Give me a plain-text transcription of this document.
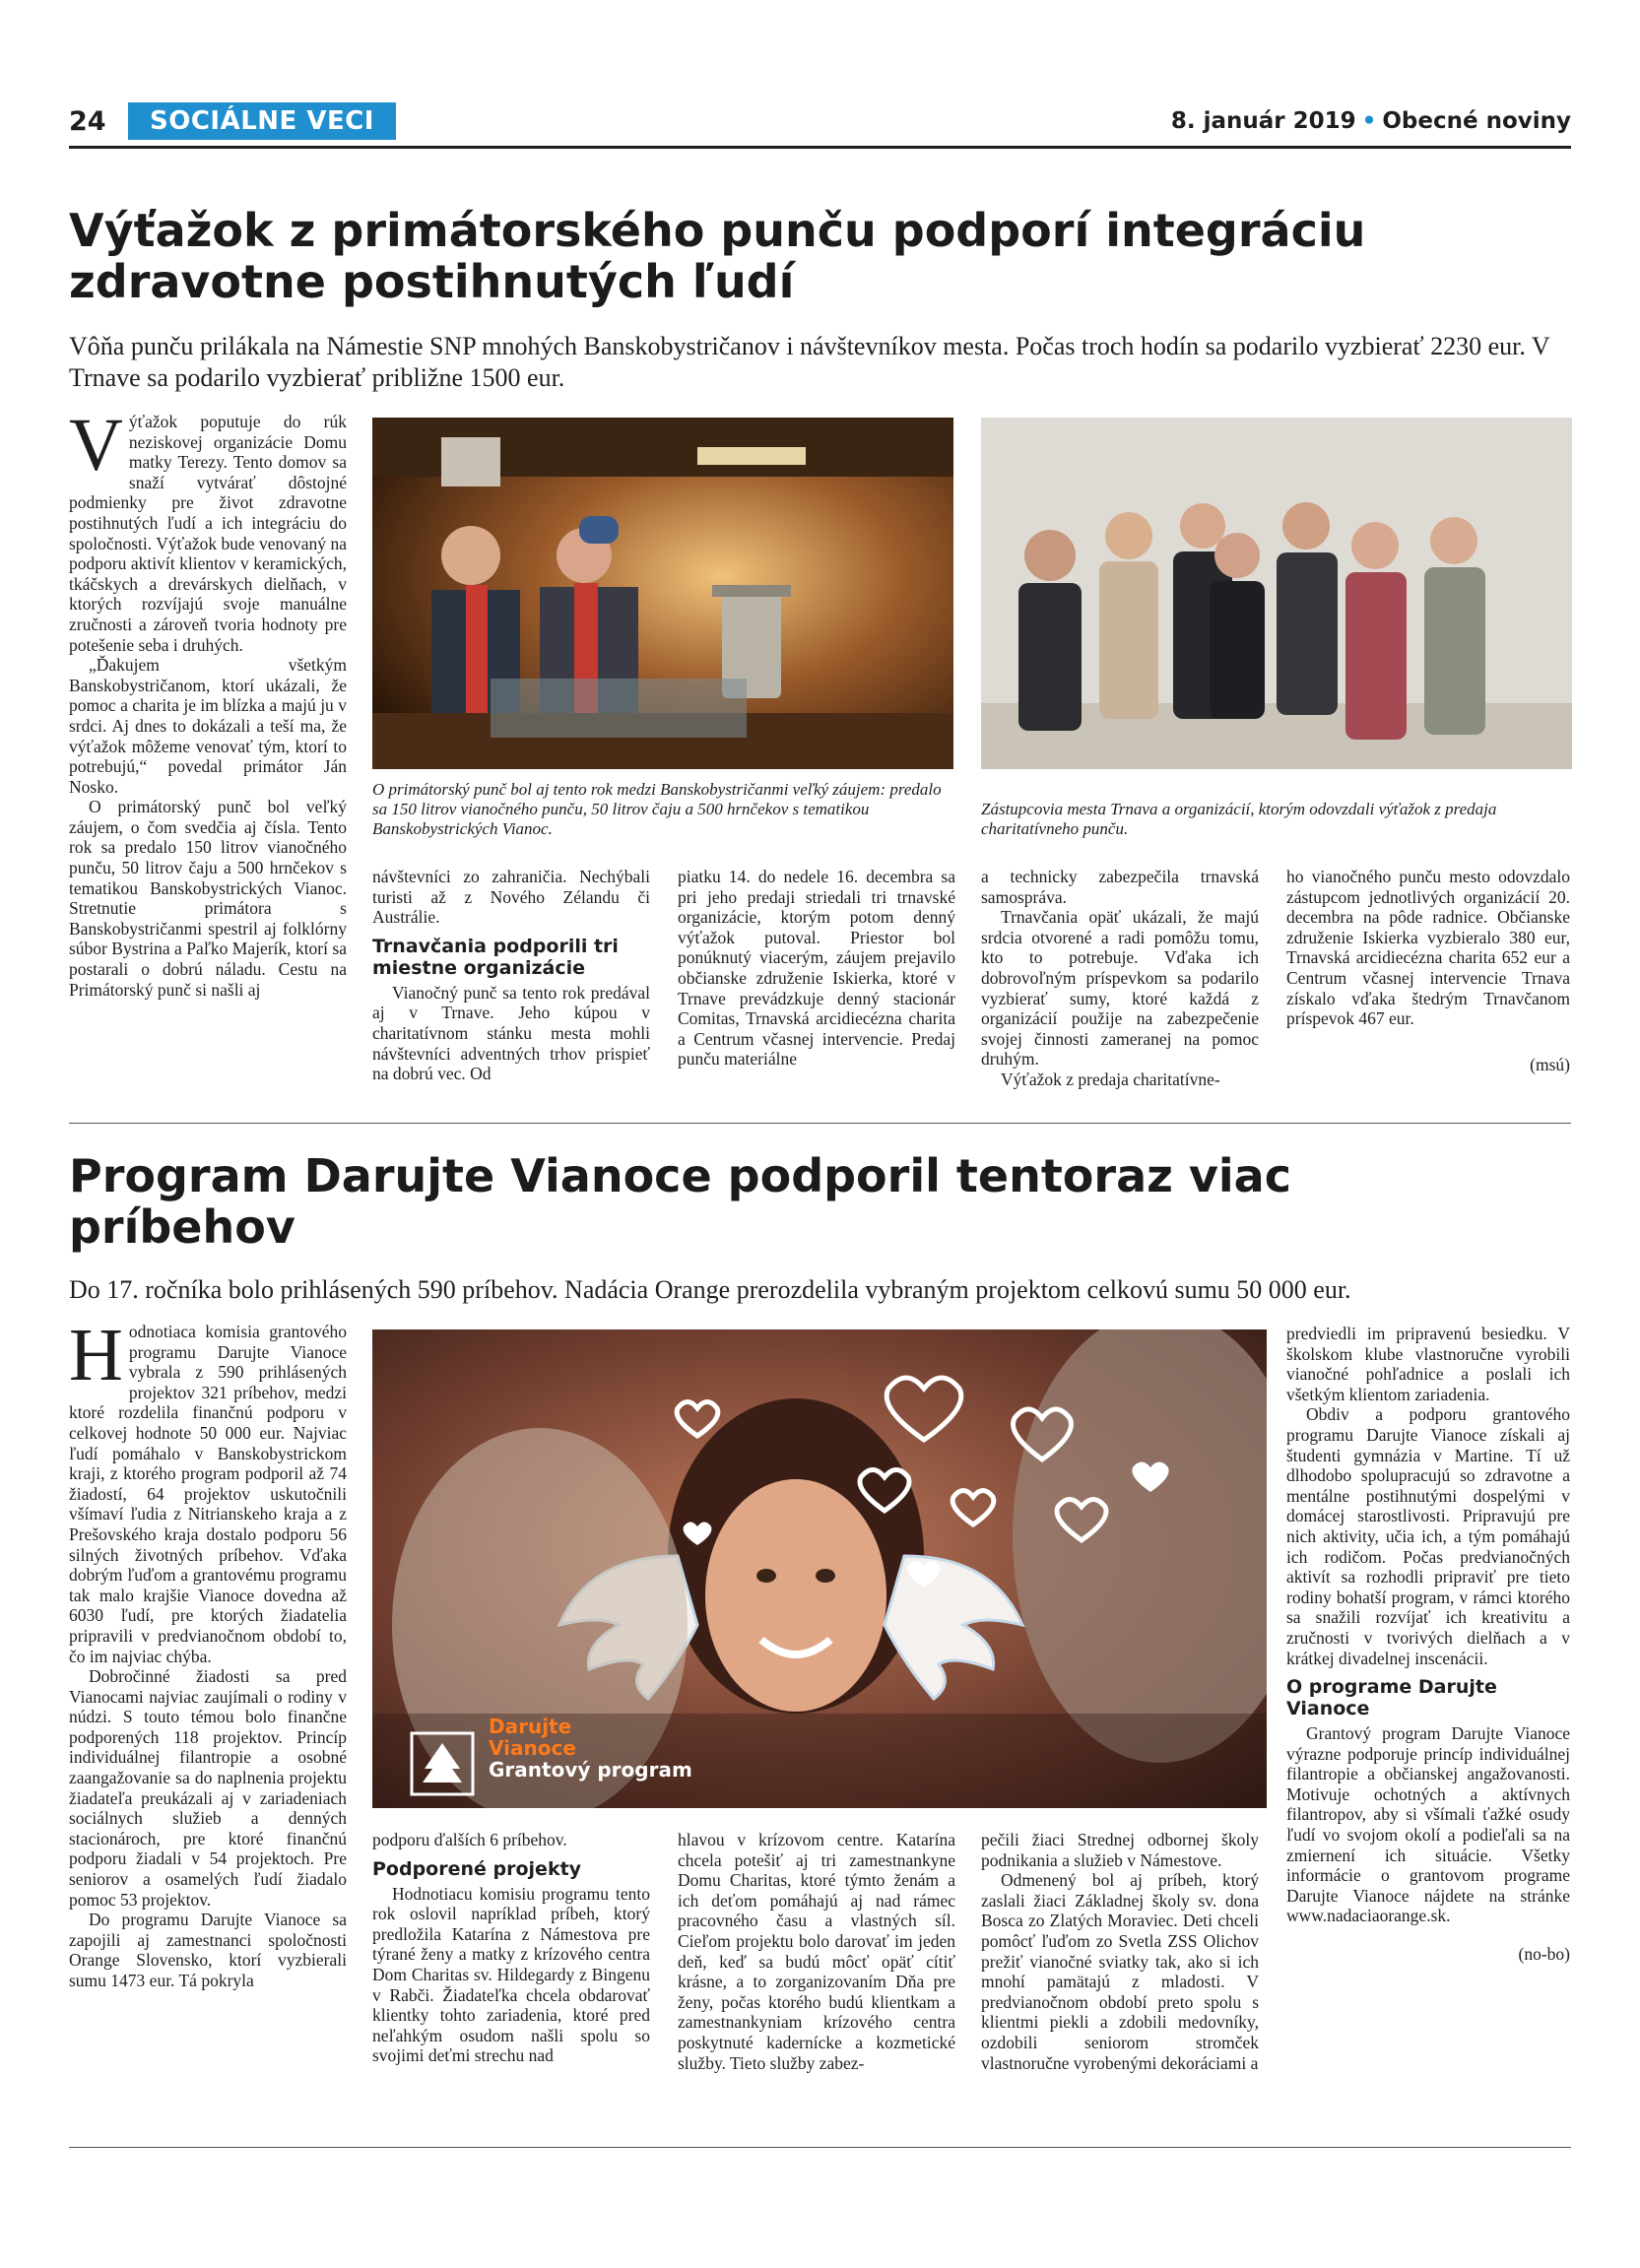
24	SOCIÁLNE VECI	8. január 2019 • Obecné noviny
Výťažok z primátorského punču podporí integráciu
zdravotne postihnutých ľudí

Vôňa punču prilákala na Námestie SNP mnohých Banskobystričanov i návštevníkov mesta. Počas troch hodín sa podarilo vyzbierať 2230 eur. V Trnave sa podarilo vyzbierať približne 1500 eur.

Výťažok poputuje do rúk neziskovej organizácie Domu matky Terezy. Tento domov sa snaží vytvárať dôstojné podmienky pre život zdravotne postihnutých ľudí a ich integráciu do spoločnosti. Výťažok bude venovaný na podporu aktivít klientov v keramických, tkáčskych a drevárskych dielňach, v ktorých rozvíjajú svoje manuálne zručnosti a zároveň tvoria hodnoty pre potešenie seba i druhých.

„Ďakujem všetkým Banskobystričanom, ktorí ukázali, že pomoc a charita je im blízka a majú ju v srdci. Aj dnes to dokázali a teší ma, že výťažok môžeme venovať tým, ktorí to potrebujú,“ povedal primátor Ján Nosko.

O primátorský punč bol veľký záujem, o čom svedčia aj čísla. Tento rok sa predalo 150 litrov vianočného punču, 50 litrov čaju a 500 hrnčekov s tematikou Banskobystrických Vianoc. Stretnutie primátora s Banskobystričanmi spestril aj folklórny súbor Bystrina a Paľko Majerík, ktorí sa postarali o dobrú náladu. Cestu na Primátorský punč si našli aj

O primátorský punč bol aj tento rok medzi Banskobystričanmi veľký záujem: predalo sa 150 litrov vianočného punču, 50 litrov čaju a 500 hrnčekov s tematikou Banskobystrických Vianoc.

Zástupcovia mesta Trnava a organizácií, ktorým odovzdali výťažok z predaja charitatívneho punču.

návštevníci zo zahraničia. Nechýbali turisti až z Nového Zélandu či Austrálie.

Trnavčania podporili tri miestne organizácie

Vianočný punč sa tento rok predával aj v Trnave. Jeho kúpou v charitatívnom stánku mesta mohli návštevníci adventných trhov prispieť na dobrú vec. Od

piatku 14. do nedele 16. decembra sa pri jeho predaji striedali tri trnavské organizácie, ktorým potom denný výťažok putoval. Priestor bol ponúknutý viacerým, záujem prejavilo občianske združenie Iskierka, ktoré v Trnave prevádzkuje denný stacionár Comitas, Trnavská arcidiecézna charita a Centrum včasnej intervencie. Predaj punču materiálne

a technicky zabezpečila trnavská samospráva.

Trnavčania opäť ukázali, že majú srdcia otvorené a radi pomôžu tomu, kto to potrebuje. Vďaka ich dobrovoľným príspevkom sa podarilo vyzbierať sumy, ktoré každá z organizácií použije na zabezpečenie svojej činnosti zameranej na pomoc druhým.

Výťažok z predaja charitatívne-

ho vianočného punču mesto odovzdalo zástupcom jednotlivých organizácií 20. decembra na pôde radnice. Občianske združenie Iskierka vyzbieralo 380 eur, Trnavská arcidiecézna charita 652 eur a Centrum včasnej intervencie Trnava získalo vďaka štedrým Trnavčanom príspevok 467 eur.

(msú)

Program Darujte Vianoce podporil tentoraz viac
príbehov

Do 17. ročníka bolo prihlásených 590 príbehov. Nadácia Orange prerozdelila vybraným projektom celkovú sumu 50 000 eur.

Hodnotiaca komisia grantového programu Darujte Vianoce vybrala z 590 prihlásených projektov 321 príbehov, medzi ktoré rozdelila finančnú podporu v celkovej hodnote 50 000 eur. Najviac ľudí pomáhalo v Banskobystrickom kraji, z ktorého program podporil až 74 žiadostí, 64 projektov uskutočnili všímaví ľudia z Nitrianskeho kraja a z Prešovského kraja dostalo podporu 56 silných životných príbehov. Vďaka dobrým ľuďom a grantovému programu tak malo krajšie Vianoce dovedna až 6030 ľudí, pre ktorých žiadatelia pripravili v predvianočnom období to, čo im najviac chýba.

Dobročinné žiadosti sa pred Vianocami najviac zaujímali o rodiny v núdzi. S touto témou bolo finančne podporených 118 projektov. Princíp individuálnej filantropie a osobné zaangažovanie sa do naplnenia projektu žiadateľa preukázali aj v zariadeniach sociálnych služieb a denných stacionároch, pre ktoré finančnú podporu žiadali v 54 projektoch. Pre seniorov a osamelých ľudí žiadalo pomoc 53 projektov.

Do programu Darujte Vianoce sa zapojili aj zamestnanci spoločnosti Orange Slovensko, ktorí vyzbierali sumu 1473 eur. Tá pokryla

Darujte
Vianoce
Grantový program

podporu ďalších 6 príbehov.

Podporené projekty

Hodnotiacu komisiu programu tento rok oslovil napríklad príbeh, ktorý predložila Katarína z Námestova pre týrané ženy a matky z krízového centra Dom Charitas sv. Hildegardy z Bingenu v Rabči. Žiadateľka chcela obdarovať klientky tohto zariadenia, ktoré pred neľahkým osudom našli spolu so svojimi deťmi strechu nad

hlavou v krízovom centre. Katarína chcela potešiť aj tri zamestnankyne Domu Charitas, ktoré týmto ženám a ich deťom pomáhajú aj nad rámec pracovného času a vlastných síl. Cieľom projektu bolo darovať im jeden deň, keď sa budú môcť opäť cítiť krásne, a to zorganizovaním Dňa pre ženy, počas ktorého budú klientkam a zamestnankyniam krízového centra poskytnuté kadernícke a kozmetické služby. Tieto služby zabez-

pečili žiaci Strednej odbornej školy podnikania a služieb v Námestove.

Odmenený bol aj príbeh, ktorý zaslali žiaci Základnej školy sv. dona Bosca zo Zlatých Moraviec. Deti chceli pomôcť ľuďom zo Svetla ZSS Olichov prežiť vianočné sviatky tak, ako si ich mnohí pamätajú z mladosti. V predvianočnom období preto spolu s klientmi piekli a zdobili medovníky, ozdobili seniorom stromček vlastnoručne vyrobenými dekoráciami a

predviedli im pripravenú besiedku. V školskom klube vlastnoručne vyrobili vianočné pohľadnice a poslali ich všetkým klientom zariadenia.

Obdiv a podporu grantového programu Darujte Vianoce získali aj študenti gymnázia v Martine. Tí už dlhodobo spolupracujú so zdravotne a mentálne postihnutými dospelými v domácej starostlivosti. Pripravujú pre nich aktivity, učia ich, a tým pomáhajú ich rodičom. Počas predvianočných aktivít sa rozhodli pripraviť pre tieto rodiny bohatší program, v rámci ktorého sa snažili rozvíjať ich kreativitu a zručnosti v tvorivých dielňach a v krátkej divadelnej inscenácii.

O programe Darujte Vianoce

Grantový program Darujte Vianoce výrazne podporuje princíp individuálnej filantropie a občianskej angažovanosti. Motivuje ochotných a aktívnych filantropov, aby si všímali ťažké osudy ľudí vo svojom okolí a podieľali sa na zmiernení ich situácie. Všetky informácie o grantovom programe Darujte Vianoce nájdete na stránke www.nadaciaorange.sk.

(no-bo)
